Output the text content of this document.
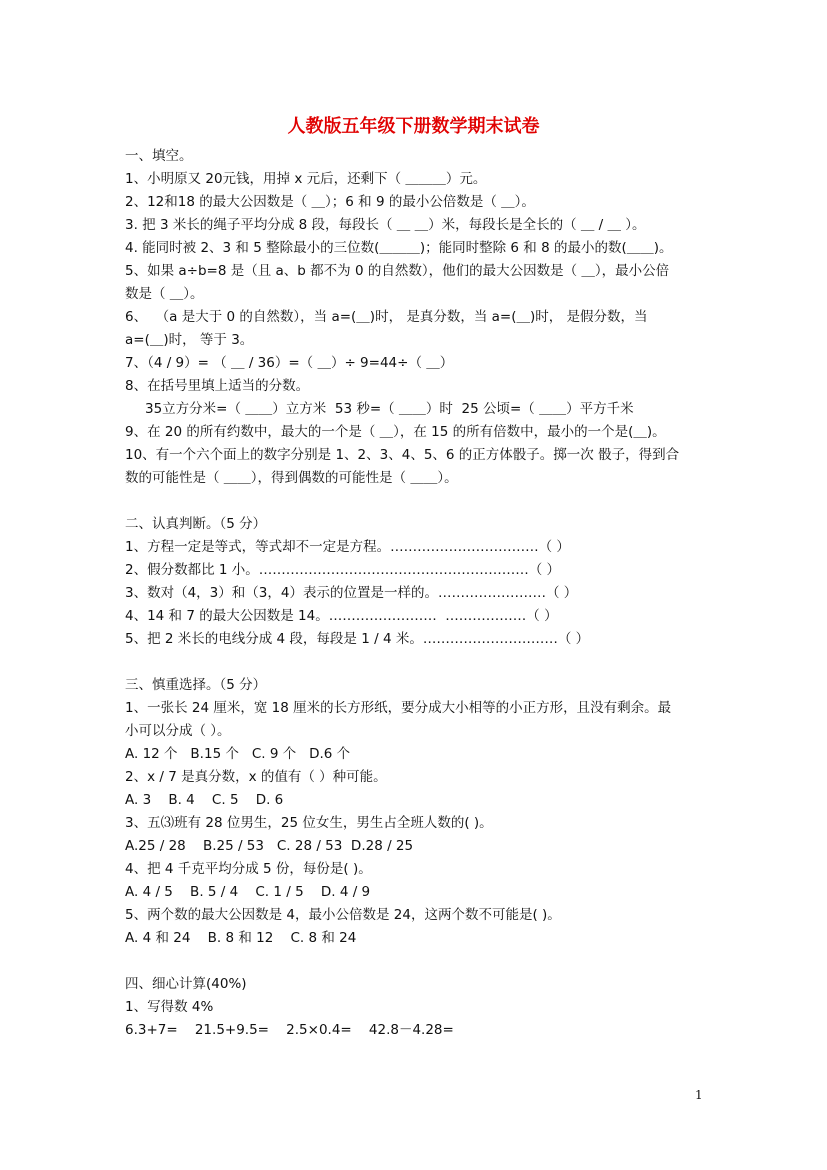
人教版五年级下册数学期末试卷
一、填空。
1、小明原又 20元钱，用掉 x 元后，还剩下（ ＿＿＿）元。
2、12和18 的最大公因数是（ ＿）；6 和 9 的最小公倍数是（ ＿）。
3. 把 3 米长的绳子平均分成 8 段，每段长（ ＿ ＿）米，每段长是全长的（ ＿ / ＿ ）。
4. 能同时被 2、3 和 5 整除最小的三位数(＿＿＿)；能同时整除 6 和 8 的最小的数(＿＿)。
5、如果 a÷b=8 是（且 a、b 都不为 0 的自然数），他们的最大公因数是（ ＿），最小公倍
数是（ ＿）。
6、  （a 是大于 0 的自然数），当 a=(＿)时， 是真分数，当 a=(＿)时， 是假分数，当
a=(＿)时， 等于 3。
7、（4 / 9）= （ ＿ / 36）=（ ＿）÷ 9=44÷（ ＿）
8、在括号里填上适当的分数。
35立方分米=（ ＿＿）立方米  53 秒=（ ＿＿）时  25 公顷=（ ＿＿）平方千米
9、在 20 的所有约数中，最大的一个是（ ＿），在 15 的所有倍数中，最小的一个是(＿)。
10、有一个六个面上的数字分别是 1、2、3、4、5、6 的正方体骰子。掷一次 骰子，得到合
数的可能性是（ ＿＿），得到偶数的可能性是（ ＿＿）。
二、认真判断。（5 分）
1、方程一定是等式，等式却不一定是方程。……………………………（ ）
2、假分数都比 1 小。……………………………………………………（ ）
3、数对（4，3）和（3，4）表示的位置是一样的。……………………（ ）
4、14 和 7 的最大公因数是 14。……………………  ………………（ ）
5、把 2 米长的电线分成 4 段，每段是 1 / 4 米。…………………………（ ）
三、慎重选择。（5 分）
1、一张长 24 厘米，宽 18 厘米的长方形纸，要分成大小相等的小正方形，且没有剩余。最
小可以分成（ ）。
A. 12 个   B.15 个   C. 9 个   D.6 个
2、x / 7 是真分数，x 的值有（ ）种可能。
A. 3    B. 4    C. 5    D. 6
3、五⑶班有 28 位男生，25 位女生，男生占全班人数的( )。
A.25 / 28    B.25 / 53   C. 28 / 53  D.28 / 25
4、把 4 千克平均分成 5 份，每份是( )。
A. 4 / 5    B. 5 / 4    C. 1 / 5    D. 4 / 9
5、两个数的最大公因数是 4，最小公倍数是 24，这两个数不可能是( )。
A. 4 和 24    B. 8 和 12    C. 8 和 24
四、细心计算(40%)
1、写得数 4%
6.3+7=    21.5+9.5=    2.5×0.4=    42.8－4.28=
1
